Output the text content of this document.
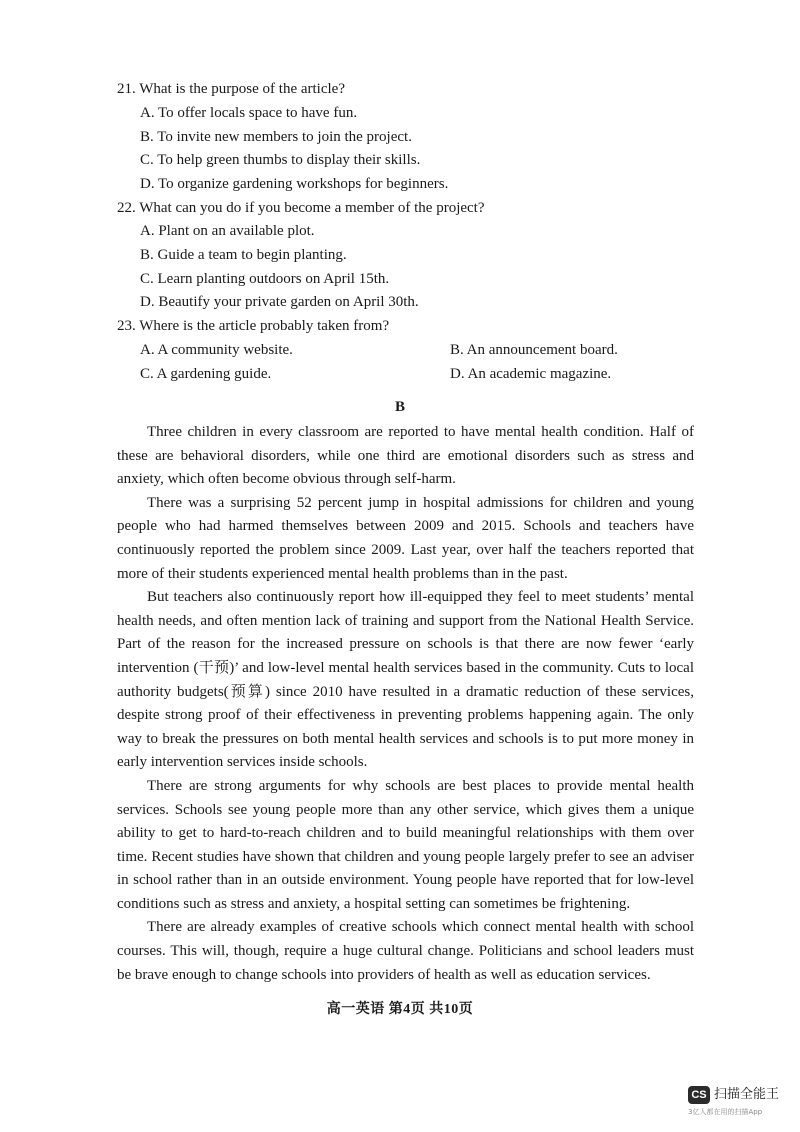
21. What is the purpose of the article?
A. To offer locals space to have fun.
B. To invite new members to join the project.
C. To help green thumbs to display their skills.
D. To organize gardening workshops for beginners.
22. What can you do if you become a member of the project?
A. Plant on an available plot.
B. Guide a team to begin planting.
C. Learn planting outdoors on April 15th.
D. Beautify your private garden on April 30th.
23. Where is the article probably taken from?
A. A community website.	B. An announcement board.
C. A gardening guide.	D. An academic magazine.
B

Three children in every classroom are reported to have mental health condition. Half of these are behavioral disorders, while one third are emotional disorders such as stress and anxiety, which often become obvious through self-harm.

There was a surprising 52 percent jump in hospital admissions for children and young people who had harmed themselves between 2009 and 2015. Schools and teachers have continuously reported the problem since 2009. Last year, over half the teachers reported that more of their students experienced mental health problems than in the past.

But teachers also continuously report how ill-equipped they feel to meet students’ mental health needs, and often mention lack of training and support from the National Health Service. Part of the reason for the increased pressure on schools is that there are now fewer ‘early intervention (干预)’ and low-level mental health services based in the community. Cuts to local authority budgets(预算) since 2010 have resulted in a dramatic reduction of these services, despite strong proof of their effectiveness in preventing problems happening again. The only way to break the pressures on both mental health services and schools is to put more money in early intervention services inside schools.

There are strong arguments for why schools are best places to provide mental health services. Schools see young people more than any other service, which gives them a unique ability to get to hard-to-reach children and to build meaningful relationships with them over time. Recent studies have shown that children and young people largely prefer to see an adviser in school rather than in an outside environment. Young people have reported that for low-level conditions such as stress and anxiety, a hospital setting can sometimes be frightening.

There are already examples of creative schools which connect mental health with school courses. This will, though, require a huge cultural change. Politicians and school leaders must be brave enough to change schools into providers of health as well as education services.

高一英语 第4页 共10页
CS 扫描全能王
3亿人都在用的扫描App
